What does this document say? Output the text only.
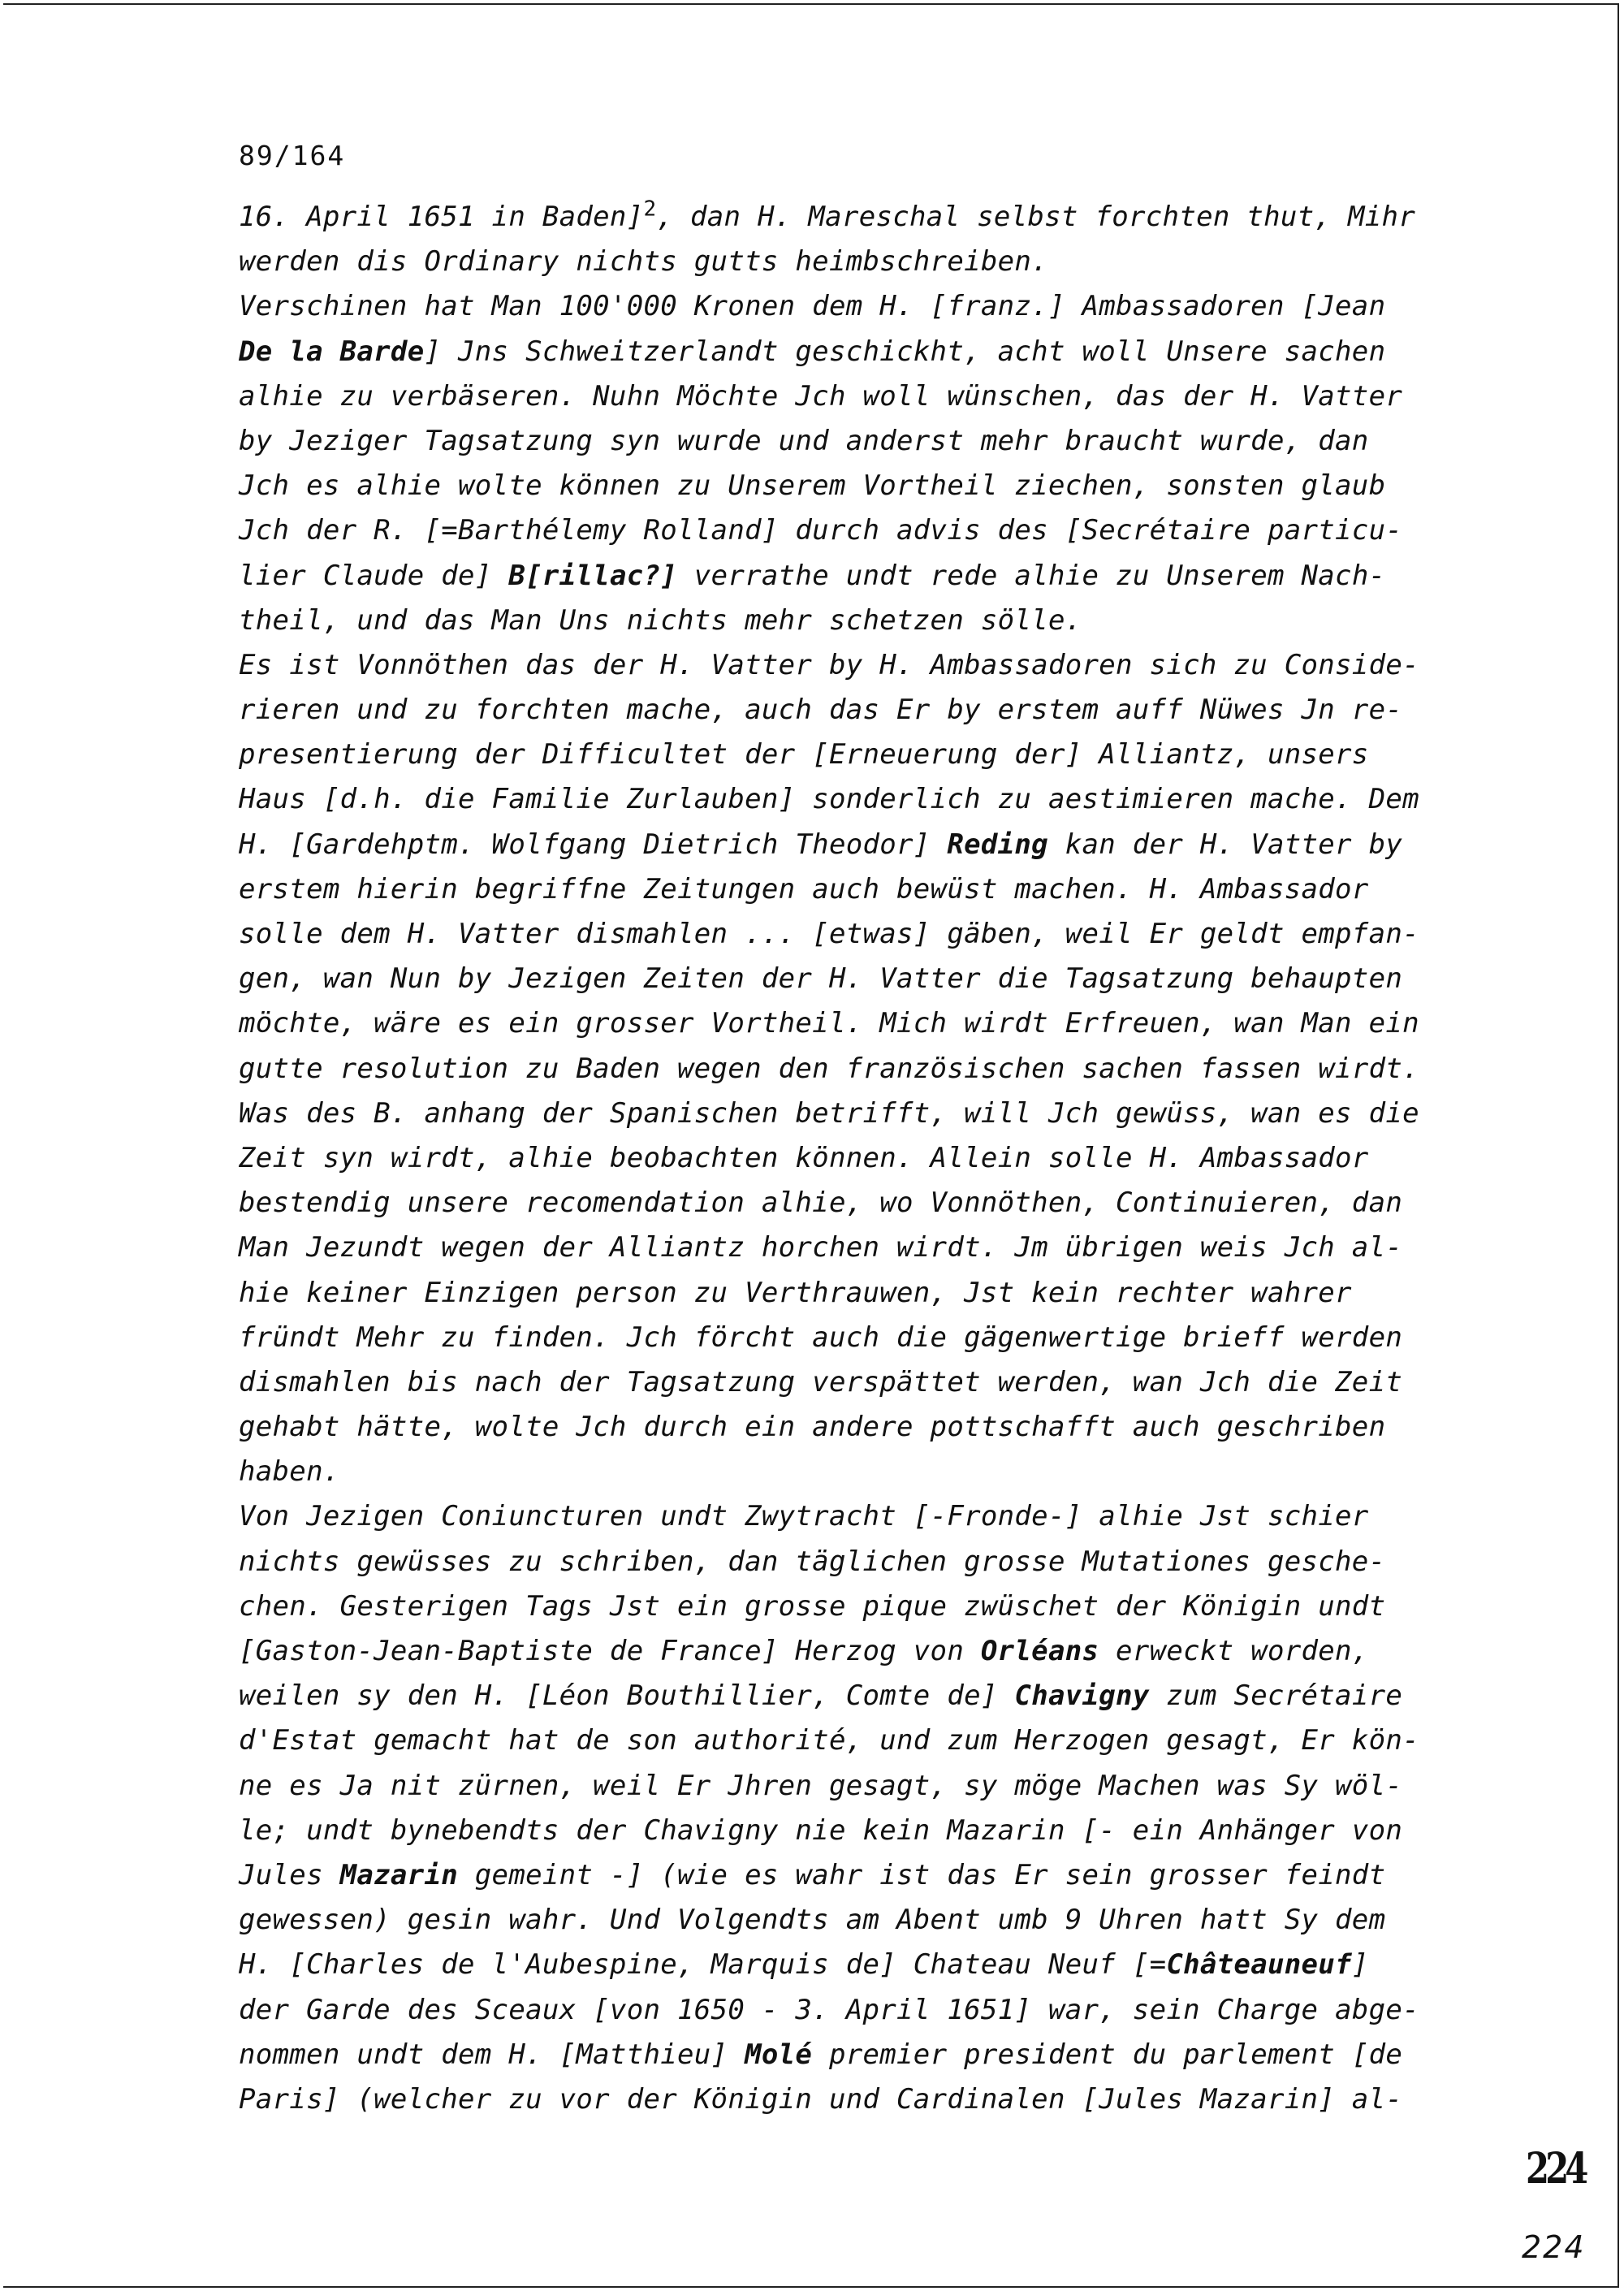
89/164
16. April 1651 in Baden]$^2$, dan H. Mareschal selbst forchten thut, Mihr
werden dis Ordinary nichts gutts heimbschreiben.
Verschinen hat Man 100'000 Kronen dem H. [franz.] Ambassadoren [Jean
De la Barde] Jns Schweitzerlandt geschickht, acht woll Unsere sachen
alhie zu verbäseren. Nuhn Möchte Jch woll wünschen, das der H. Vatter
by Jeziger Tagsatzung syn wurde und anderst mehr braucht wurde, dan
Jch es alhie wolte können zu Unserem Vortheil ziechen, sonsten glaub
Jch der R. [=Barthélemy Rolland] durch advis des [Secrétaire particu-
lier Claude de] B[rillac?] verrathe undt rede alhie zu Unserem Nach-
theil, und das Man Uns nichts mehr schetzen sölle.
Es ist Vonnöthen das der H. Vatter by H. Ambassadoren sich zu Conside-
rieren und zu forchten mache, auch das Er by erstem auff Nüwes Jn re-
presentierung der Difficultet der [Erneuerung der] Alliantz, unsers
Haus [d.h. die Familie Zurlauben] sonderlich zu aestimieren mache. Dem
H. [Gardehptm. Wolfgang Dietrich Theodor] Reding kan der H. Vatter by
erstem hierin begriffne Zeitungen auch bewüst machen. H. Ambassador
solle dem H. Vatter dismahlen ... [etwas] gäben, weil Er geldt empfan-
gen, wan Nun by Jezigen Zeiten der H. Vatter die Tagsatzung behaupten
möchte, wäre es ein grosser Vortheil. Mich wirdt Erfreuen, wan Man ein
gutte resolution zu Baden wegen den französischen sachen fassen wirdt.
Was des B. anhang der Spanischen betrifft, will Jch gewüss, wan es die
Zeit syn wirdt, alhie beobachten können. Allein solle H. Ambassador
bestendig unsere recomendation alhie, wo Vonnöthen, Continuieren, dan
Man Jezundt wegen der Alliantz horchen wirdt. Jm übrigen weis Jch al-
hie keiner Einzigen person zu Verthrauwen, Jst kein rechter wahrer
fründt Mehr zu finden. Jch förcht auch die gägenwertige brieff werden
dismahlen bis nach der Tagsatzung verspättet werden, wan Jch die Zeit
gehabt hätte, wolte Jch durch ein andere pottschafft auch geschriben
haben.
Von Jezigen Coniuncturen undt Zwytracht [-Fronde-] alhie Jst schier
nichts gewüsses zu schriben, dan täglichen grosse Mutationes gesche-
chen. Gesterigen Tags Jst ein grosse pique zwüschet der Königin undt
[Gaston-Jean-Baptiste de France] Herzog von Orléans erweckt worden,
weilen sy den H. [Léon Bouthillier, Comte de] Chavigny zum Secrétaire
d'Estat gemacht hat de son authorité, und zum Herzogen gesagt, Er kön-
ne es Ja nit zürnen, weil Er Jhren gesagt, sy möge Machen was Sy wöl-
le; undt bynebendts der Chavigny nie kein Mazarin [- ein Anhänger von
Jules Mazarin gemeint -] (wie es wahr ist das Er sein grosser feindt
gewessen) gesin wahr. Und Volgendts am Abent umb 9 Uhren hatt Sy dem
H. [Charles de l'Aubespine, Marquis de] Chateau Neuf [=Châteauneuf]
der Garde des Sceaux [von 1650 - 3. April 1651] war, sein Charge abge-
nommen undt dem H. [Matthieu] Molé premier president du parlement [de
Paris] (welcher zu vor der Königin und Cardinalen [Jules Mazarin] al-
224
224
